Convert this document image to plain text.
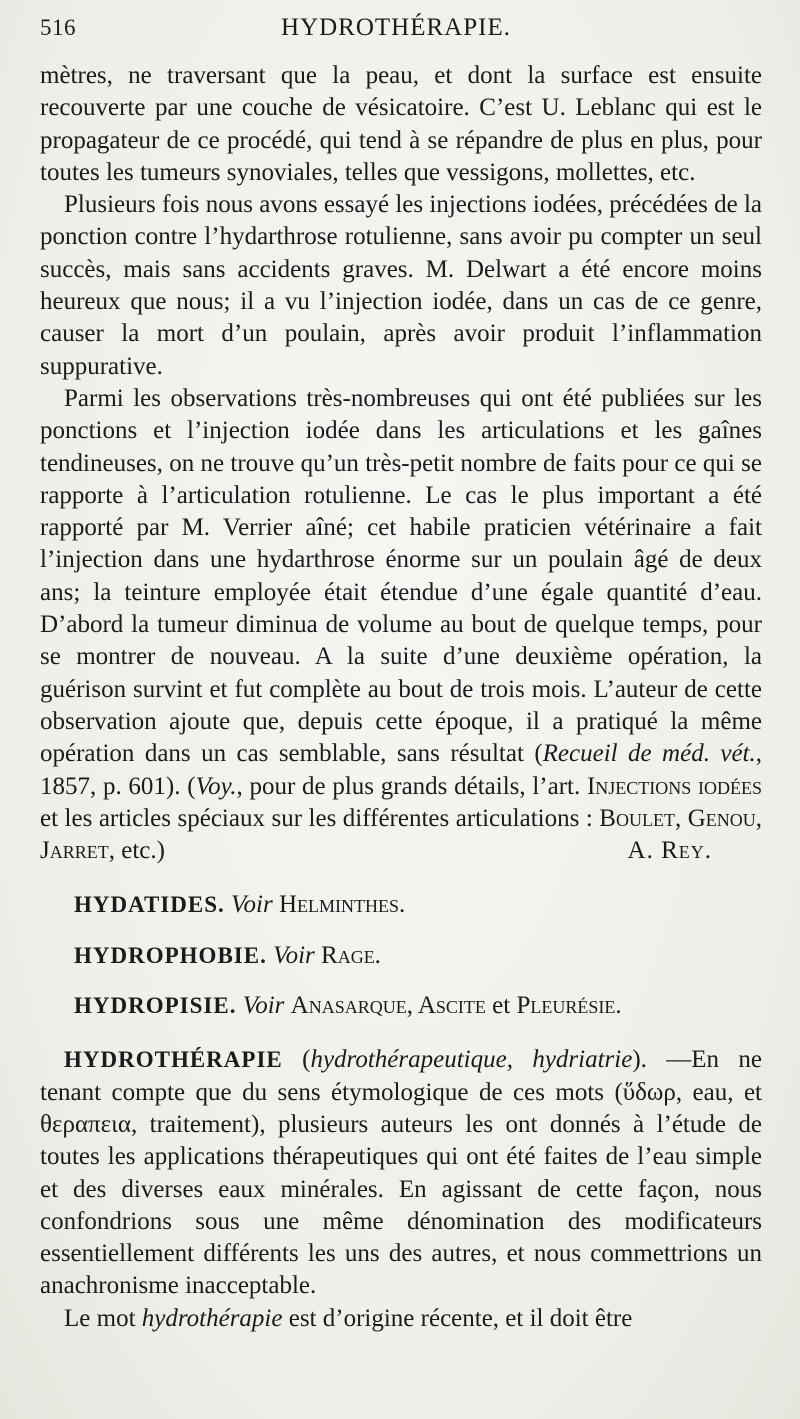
516	HYDROTHÉRAPIE.

mètres, ne traversant que la peau, et dont la surface est ensuite recouverte par une couche de vésicatoire. C’est U. Leblanc qui est le propagateur de ce procédé, qui tend à se répandre de plus en plus, pour toutes les tumeurs synoviales, telles que vessigons, mollettes, etc.

Plusieurs fois nous avons essayé les injections iodées, précédées de la ponction contre l’hydarthrose rotulienne, sans avoir pu compter un seul succès, mais sans accidents graves. M. Delwart a été encore moins heureux que nous; il a vu l’injection iodée, dans un cas de ce genre, causer la mort d’un poulain, après avoir produit l’inflammation suppurative.

Parmi les observations très-nombreuses qui ont été publiées sur les ponctions et l’injection iodée dans les articulations et les gaînes tendineuses, on ne trouve qu’un très-petit nombre de faits pour ce qui se rapporte à l’articulation rotulienne. Le cas le plus important a été rapporté par M. Verrier aîné; cet habile praticien vétérinaire a fait l’injection dans une hydarthrose énorme sur un poulain âgé de deux ans; la teinture employée était étendue d’une égale quantité d’eau. D’abord la tumeur diminua de volume au bout de quelque temps, pour se montrer de nouveau. A la suite d’une deuxième opération, la guérison survint et fut complète au bout de trois mois. L’auteur de cette observation ajoute que, depuis cette époque, il a pratiqué la même opération dans un cas semblable, sans résultat (Recueil de méd. vét., 1857, p. 601). (Voy., pour de plus grands détails, l’art. Injections iodées et les articles spéciaux sur les différentes articulations : Boulet, Genou, Jarret, etc.)	A. Rey.

HYDATIDES. Voir Helminthes.

HYDROPHOBIE. Voir Rage.

HYDROPISIE. Voir Anasarque, Ascite et Pleurésie.

HYDROTHÉRAPIE (hydrothérapeutique, hydriatrie). —En ne tenant compte que du sens étymologique de ces mots (ὕδωρ, eau, et θεραπεια, traitement), plusieurs auteurs les ont donnés à l’étude de toutes les applications thérapeutiques qui ont été faites de l’eau simple et des diverses eaux minérales. En agissant de cette façon, nous confondrions sous une même dénomination des modificateurs essentiellement différents les uns des autres, et nous commettrions un anachronisme inacceptable.

Le mot hydrothérapie est d’origine récente, et il doit être
